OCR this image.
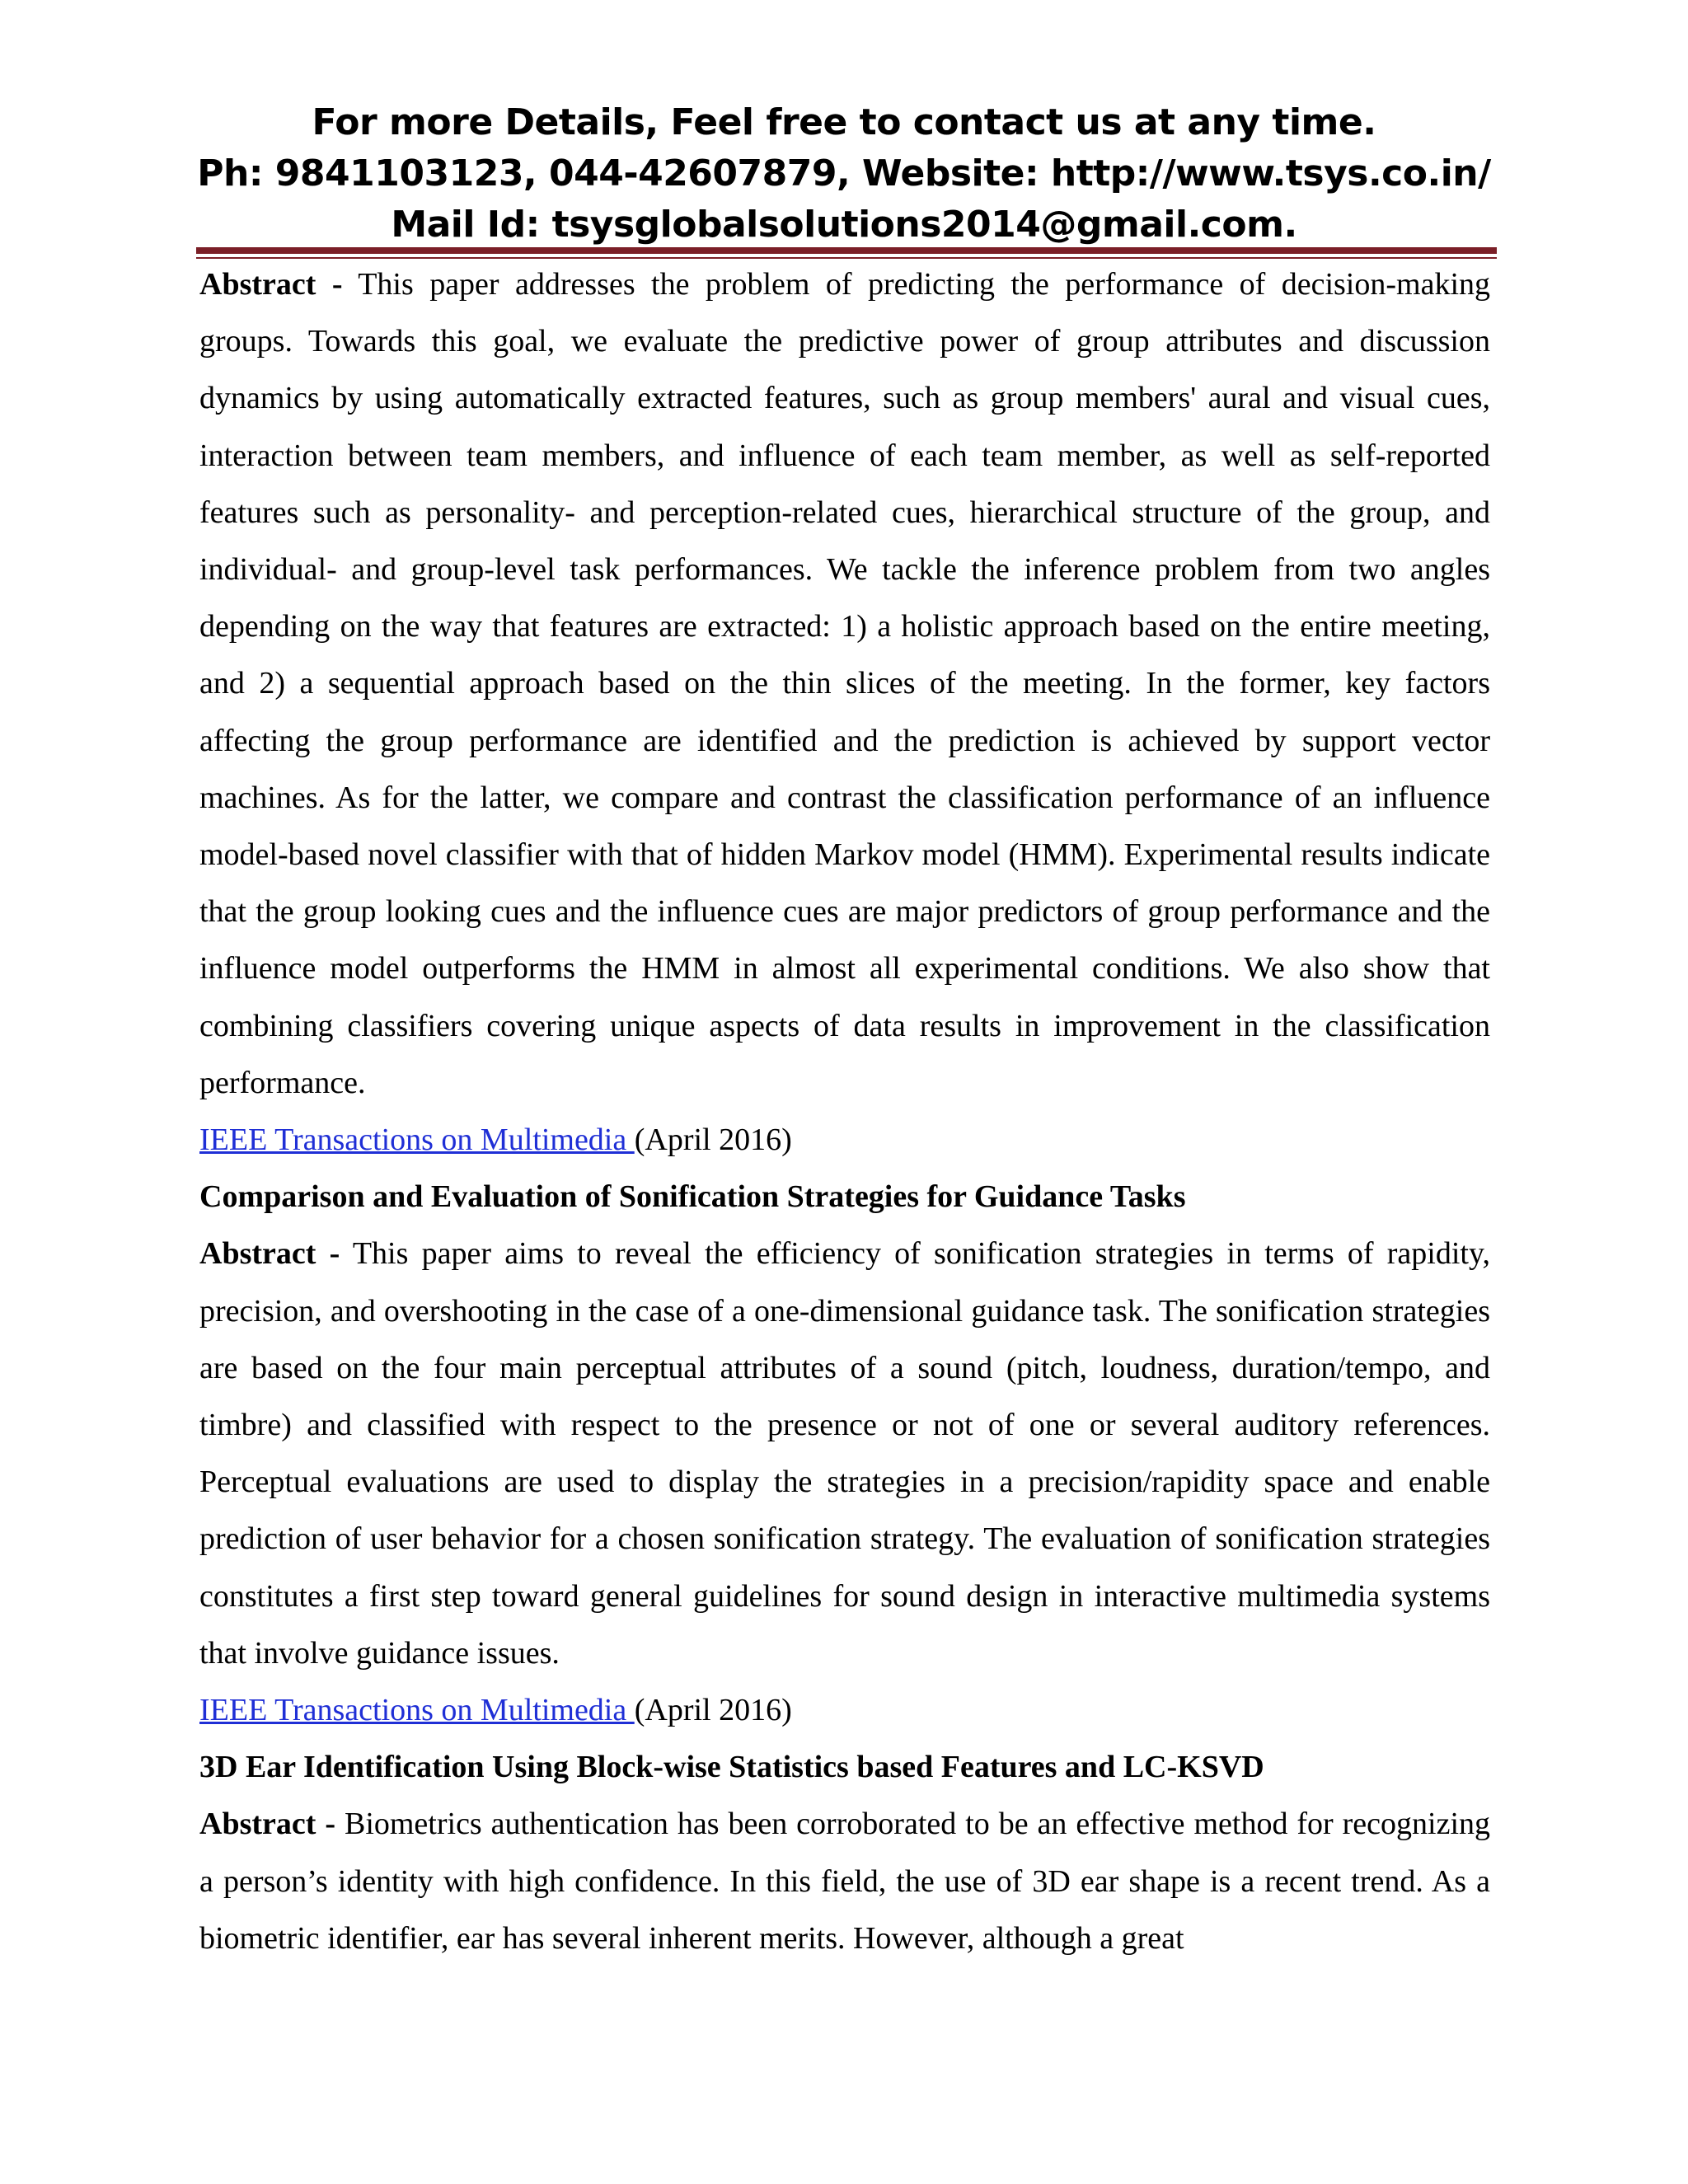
For more Details, Feel free to contact us at any time.
Ph: 9841103123, 044-42607879, Website: http://www.tsys.co.in/
Mail Id: tsysglobalsolutions2014@gmail.com.

Abstract - This paper addresses the problem of predicting the performance of decision-making groups. Towards this goal, we evaluate the predictive power of group attributes and discussion dynamics by using automatically extracted features, such as group members' aural and visual cues, interaction between team members, and influence of each team member, as well as self-reported features such as personality- and perception-related cues, hierarchical structure of the group, and individual- and group-level task performances. We tackle the inference problem from two angles depending on the way that features are extracted: 1) a holistic approach based on the entire meeting, and 2) a sequential approach based on the thin slices of the meeting. In the former, key factors affecting the group performance are identified and the prediction is achieved by support vector machines. As for the latter, we compare and contrast the classification performance of an influence model-based novel classifier with that of hidden Markov model (HMM). Experimental results indicate that the group looking cues and the influence cues are major predictors of group performance and the influence model outperforms the HMM in almost all experimental conditions. We also show that combining classifiers covering unique aspects of data results in improvement in the classification performance.

IEEE Transactions on Multimedia (April 2016)

Comparison and Evaluation of Sonification Strategies for Guidance Tasks

Abstract - This paper aims to reveal the efficiency of sonification strategies in terms of rapidity, precision, and overshooting in the case of a one-dimensional guidance task. The sonification strategies are based on the four main perceptual attributes of a sound (pitch, loudness, duration/tempo, and timbre) and classified with respect to the presence or not of one or several auditory references. Perceptual evaluations are used to display the strategies in a precision/rapidity space and enable prediction of user behavior for a chosen sonification strategy. The evaluation of sonification strategies constitutes a first step toward general guidelines for sound design in interactive multimedia systems that involve guidance issues.

IEEE Transactions on Multimedia (April 2016)

3D Ear Identification Using Block-wise Statistics based Features and LC-KSVD

Abstract - Biometrics authentication has been corroborated to be an effective method for recognizing a person’s identity with high confidence. In this field, the use of 3D ear shape is a recent trend. As a biometric identifier, ear has several inherent merits. However, although a great
